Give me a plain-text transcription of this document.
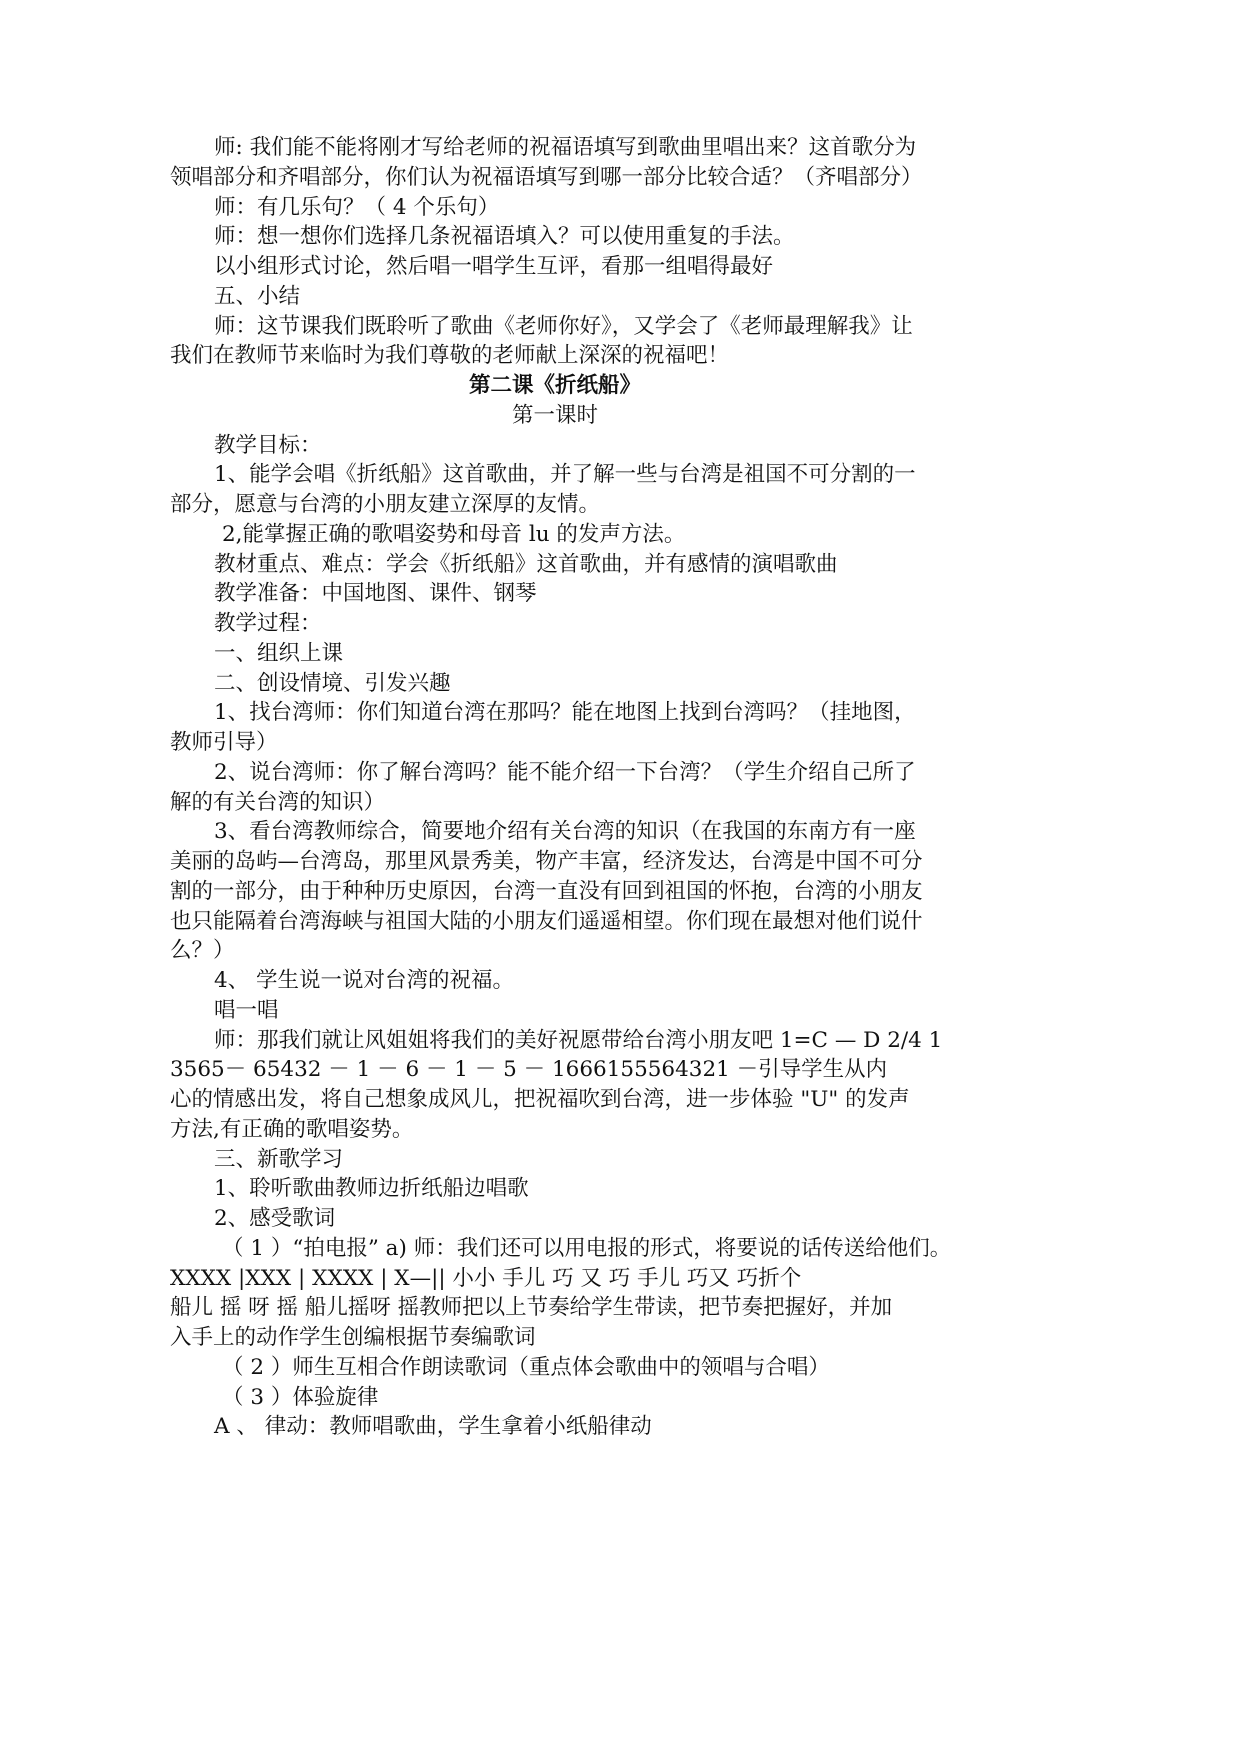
师: 我们能不能将刚才写给老师的祝福语填写到歌曲里唱出来？这首歌分为
领唱部分和齐唱部分，你们认为祝福语填写到哪一部分比较合适？（齐唱部分）
师：有几乐句？（ 4 个乐句）
师：想一想你们选择几条祝福语填入？可以使用重复的手法。
以小组形式讨论，然后唱一唱学生互评，看那一组唱得最好
五、小结
师：这节课我们既聆听了歌曲《老师你好》，又学会了《老师最理解我》让
我们在教师节来临时为我们尊敬的老师献上深深的祝福吧！
第二课《折纸船》
第一课时
教学目标：
1、能学会唱《折纸船》这首歌曲，并了解一些与台湾是祖国不可分割的一
部分，愿意与台湾的小朋友建立深厚的友情。
2,能掌握正确的歌唱姿势和母音 lu 的发声方法。
教材重点、难点：学会《折纸船》这首歌曲，并有感情的演唱歌曲
教学准备：中国地图、课件、钢琴
教学过程：
一、组织上课
二、创设情境、引发兴趣
1、找台湾师：你们知道台湾在那吗？能在地图上找到台湾吗？（挂地图，
教师引导）
2、说台湾师：你了解台湾吗？能不能介绍一下台湾？（学生介绍自己所了
解的有关台湾的知识）
3、看台湾教师综合，简要地介绍有关台湾的知识（在我国的东南方有一座
美丽的岛屿—台湾岛，那里风景秀美，物产丰富，经济发达，台湾是中国不可分
割的一部分，由于种种历史原因，台湾一直没有回到祖国的怀抱，台湾的小朋友
也只能隔着台湾海峡与祖国大陆的小朋友们遥遥相望。你们现在最想对他们说什
么？）
4、 学生说一说对台湾的祝福。
唱一唱
师：那我们就让风姐姐将我们的美好祝愿带给台湾小朋友吧 1=C — D 2/4 1
3565－ 65432 － 1 － 6 － 1 － 5 － 1666155564321 －引导学生从内
心的情感出发，将自己想象成风儿，把祝福吹到台湾，进一步体验 "U" 的发声
方法,有正确的歌唱姿势。
三、新歌学习
1、聆听歌曲教师边折纸船边唱歌
2、感受歌词
（ 1 ）“拍电报” a) 师：我们还可以用电报的形式，将要说的话传送给他们。
XXXX |XXX | XXXX | X—|| 小小 手儿 巧 又 巧 手儿 巧又 巧折个
船儿 摇 呀 摇 船儿摇呀 摇教师把以上节奏给学生带读，把节奏把握好，并加
入手上的动作学生创编根据节奏编歌词
（ 2 ）师生互相合作朗读歌词（重点体会歌曲中的领唱与合唱）
（ 3 ）体验旋律
A 、 律动：教师唱歌曲，学生拿着小纸船律动
